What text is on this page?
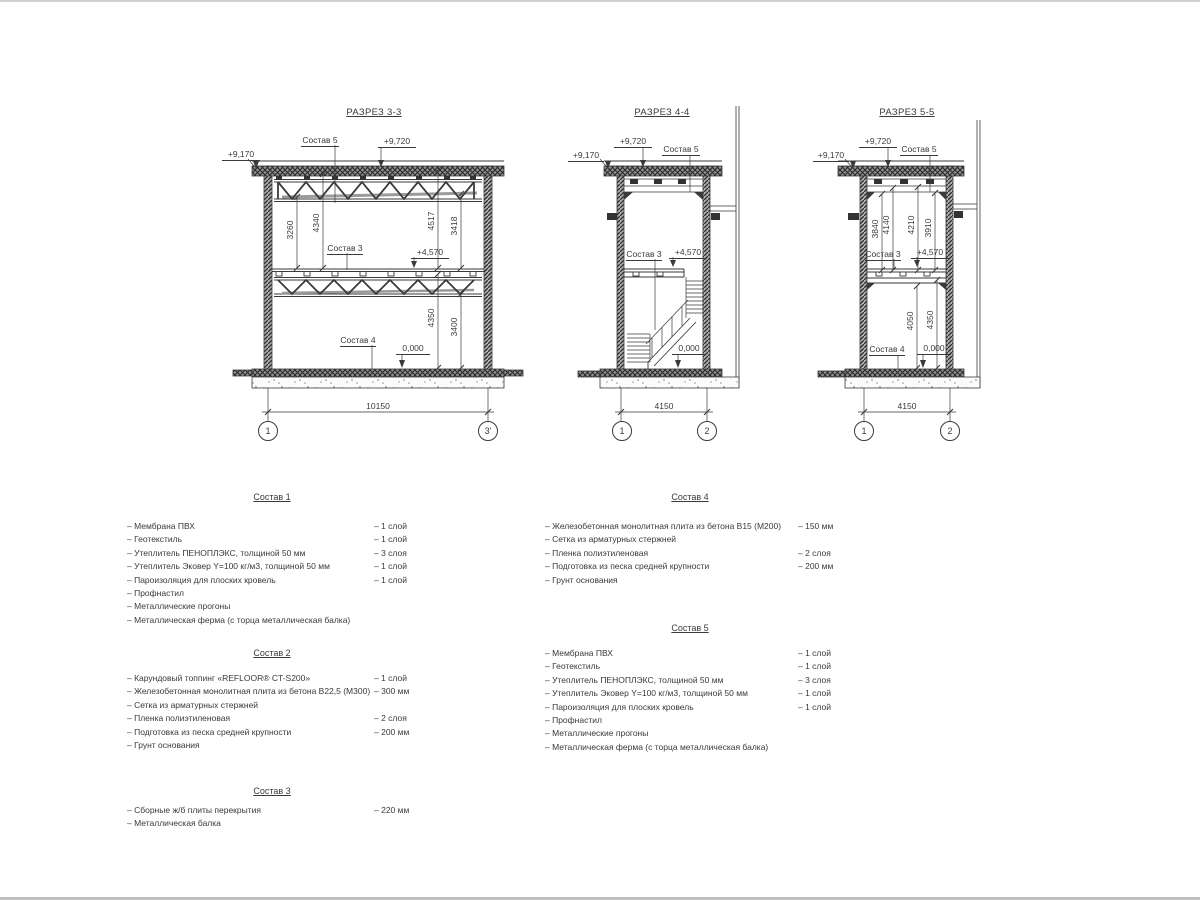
РАЗРЕЗ 3-3
+9,170
Состав 5	+9,720
Состав 3	+4,570
Состав 4
0,000
3260 4340	4517 3418
4350 3400
10150
1	3'
РАЗРЕЗ 4-4
+9,170
+9,720
Состав 5
Состав 3	+4,570
0,000
4150
1	2
РАЗРЕЗ 5-5
+9,170
+9,720
Состав 5
Состав 3	+4,570
Состав 4	0,000
3840 4140 4210 3910
4050 4350
4150
1	2
Состав 1
– Мембрана ПВХ	– 1 слой
– Геотекстиль	– 1 слой
– Утеплитель ПЕНОПЛЭКС, толщиной 50 мм	– 3 слоя
– Утеплитель Эковер Y=100 кг/м3, толщиной 50 мм	– 1 слой
– Пароизоляция для плоских кровель	– 1 слой
– Профнастил
– Металлические прогоны
– Металлическая ферма (с торца металлическая балка)
Состав 2
– Карундовый топпинг «REFLOOR® CT-S200»	– 1 слой
– Железобетонная монолитная плита из бетона В22,5 (М300) – 300 мм
– Сетка из арматурных стержней
– Пленка полиэтиленовая	– 2 слоя
– Подготовка из песка средней крупности	– 200 мм
– Грунт основания
Состав 3
– Сборные ж/б плиты перекрытия	– 220 мм
– Металлическая балка
Состав 4
– Железобетонная монолитная плита из бетона В15 (М200) – 150 мм
– Сетка из арматурных стержней
– Пленка полиэтиленовая	– 2 слоя
– Подготовка из песка средней крупности	– 200 мм
– Грунт основания
Состав 5
– Мембрана ПВХ	– 1 слой
– Геотекстиль	– 1 слой
– Утеплитель ПЕНОПЛЭКС, толщиной 50 мм	– 3 слоя
– Утеплитель Эковер Y=100 кг/м3, толщиной 50 мм	– 1 слой
– Пароизоляция для плоских кровель	– 1 слой
– Профнастил
– Металлические прогоны
– Металлическая ферма (с торца металлическая балка)
